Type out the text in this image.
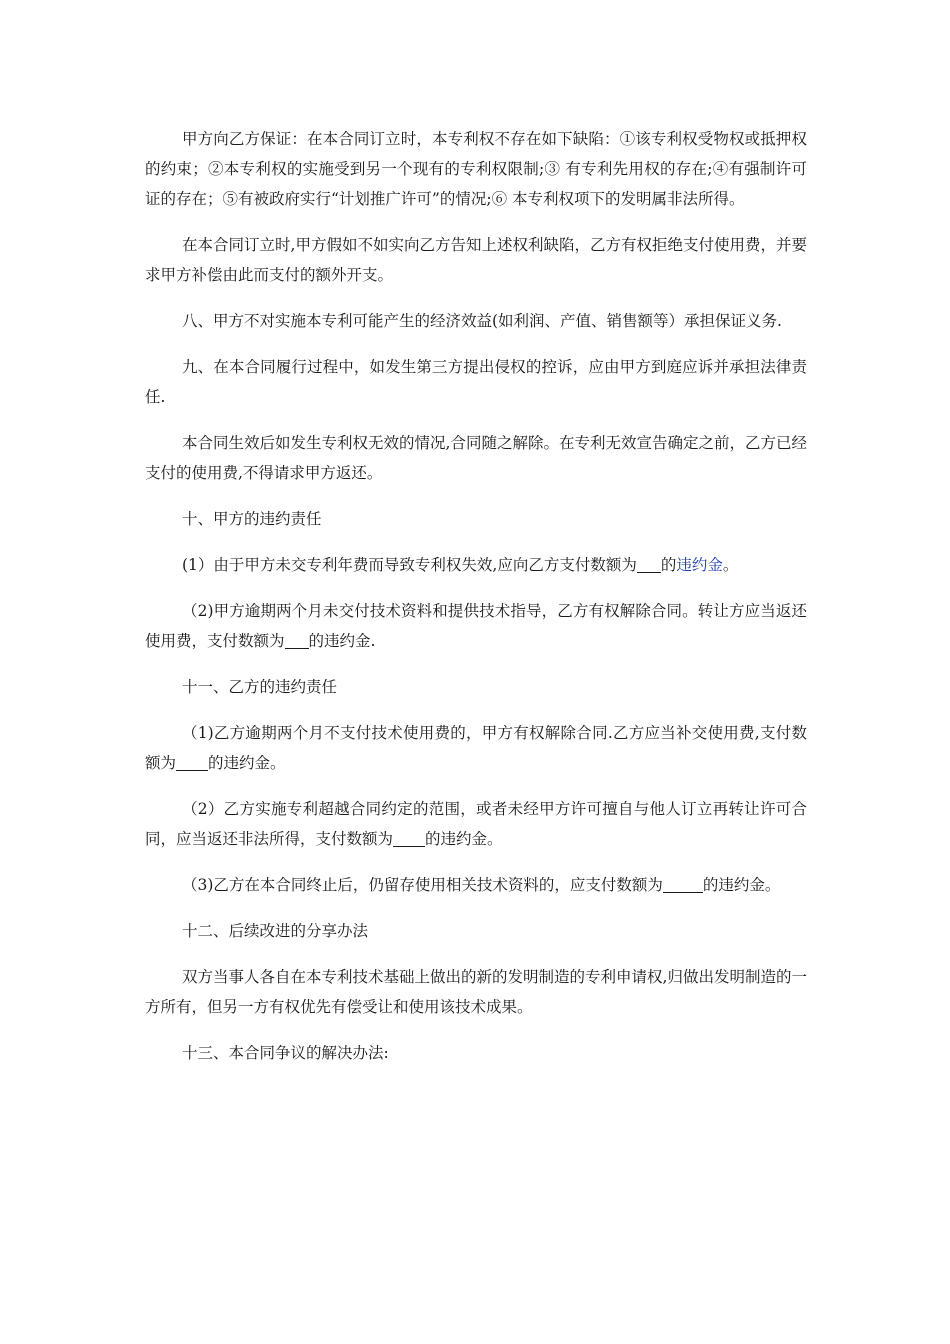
甲方向乙方保证：在本合同订立时，本专利权不存在如下缺陷：①该专利权受物权或抵押权的约束；②本专利权的实施受到另一个现有的专利权限制;③ 有专利先用权的存在;④有强制许可证的存在；⑤有被政府实行“计划推广许可”的情况;⑥ 本专利权项下的发明属非法所得。

在本合同订立时,甲方假如不如实向乙方告知上述权利缺陷，乙方有权拒绝支付使用费，并要求甲方补偿由此而支付的额外开支。

八、甲方不对实施本专利可能产生的经济效益(如利润、产值、销售额等）承担保证义务.

九、在本合同履行过程中，如发生第三方提出侵权的控诉，应由甲方到庭应诉并承担法律责任.

本合同生效后如发生专利权无效的情况,合同随之解除。在专利无效宣告确定之前，乙方已经支付的使用费,不得请求甲方返还。

十、甲方的违约责任

(1）由于甲方未交专利年费而导致专利权失效,应向乙方支付数额为 的违约金。

（2)甲方逾期两个月未交付技术资料和提供技术指导，乙方有权解除合同。转让方应当返还使用费，支付数额为 的违约金.

十一、乙方的违约责任

（1)乙方逾期两个月不支付技术使用费的，甲方有权解除合同.乙方应当补交使用费,支付数额为 的违约金。

（2）乙方实施专利超越合同约定的范围，或者未经甲方许可擅自与他人订立再转让许可合同，应当返还非法所得，支付数额为 的违约金。

（3)乙方在本合同终止后，仍留存使用相关技术资料的，应支付数额为	的违约金。

十二、后续改进的分享办法

双方当事人各自在本专利技术基础上做出的新的发明制造的专利申请权,归做出发明制造的一方所有，但另一方有权优先有偿受让和使用该技术成果。

十三、本合同争议的解决办法:
